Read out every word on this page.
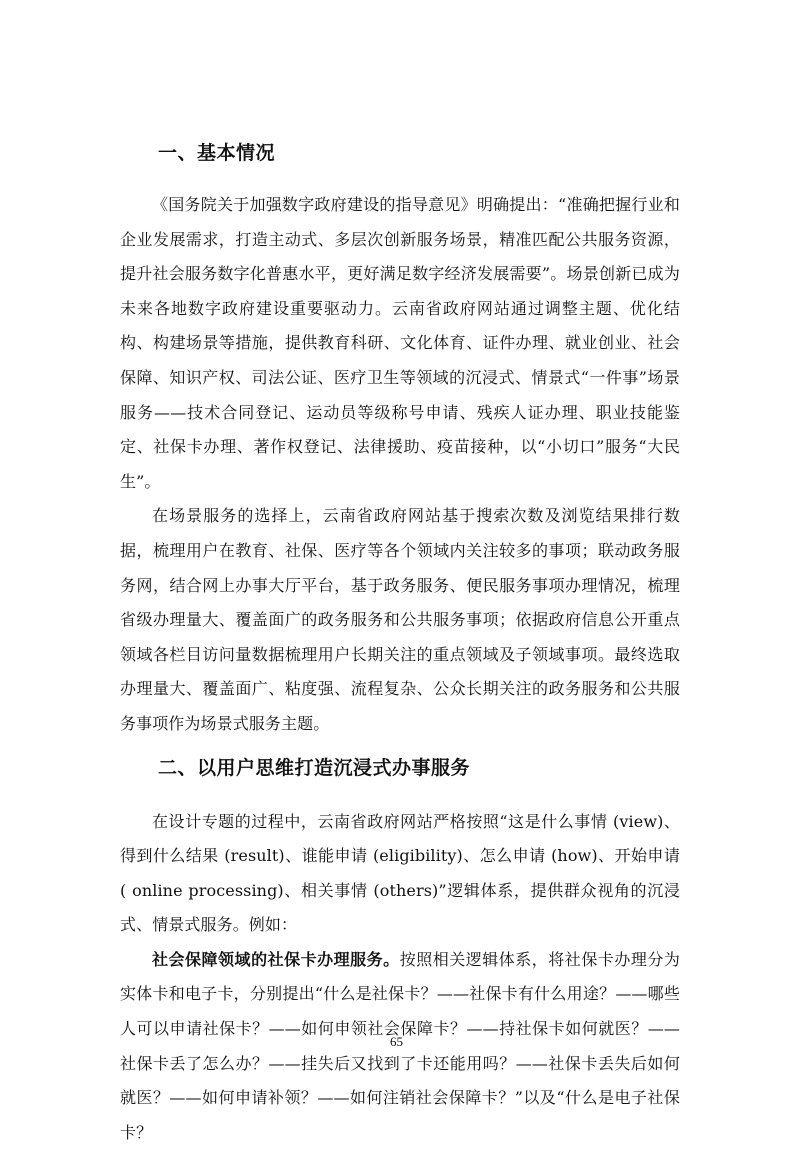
一、基本情况

《国务院关于加强数字政府建设的指导意见》明确提出：“准确把握行业和企业发展需求，打造主动式、多层次创新服务场景，精准匹配公共服务资源，提升社会服务数字化普惠水平，更好满足数字经济发展需要”。场景创新已成为未来各地数字政府建设重要驱动力。云南省政府网站通过调整主题、优化结构、构建场景等措施，提供教育科研、文化体育、证件办理、就业创业、社会保障、知识产权、司法公证、医疗卫生等领域的沉浸式、情景式“一件事”场景服务——技术合同登记、运动员等级称号申请、残疾人证办理、职业技能鉴定、社保卡办理、著作权登记、法律援助、疫苗接种，以“小切口”服务“大民生”。

在场景服务的选择上，云南省政府网站基于搜索次数及浏览结果排行数据，梳理用户在教育、社保、医疗等各个领域内关注较多的事项；联动政务服务网，结合网上办事大厅平台，基于政务服务、便民服务事项办理情况，梳理省级办理量大、覆盖面广的政务服务和公共服务事项；依据政府信息公开重点领域各栏目访问量数据梳理用户长期关注的重点领域及子领域事项。最终选取办理量大、覆盖面广、粘度强、流程复杂、公众长期关注的政务服务和公共服务事项作为场景式服务主题。

二、以用户思维打造沉浸式办事服务

在设计专题的过程中，云南省政府网站严格按照“这是什么事情 (view)、得到什么结果 (result)、谁能申请 (eligibility)、怎么申请 (how)、开始申请 ( online processing)、相关事情 (others)”逻辑体系，提供群众视角的沉浸式、情景式服务。例如：

社会保障领域的社保卡办理服务。按照相关逻辑体系，将社保卡办理分为实体卡和电子卡，分别提出“什么是社保卡？——社保卡有什么用途？——哪些人可以申请社保卡？——如何申领社会保障卡？——持社保卡如何就医？——社保卡丢了怎么办？——挂失后又找到了卡还能用吗？——社保卡丢失后如何就医？——如何申请补领？——如何注销社会保障卡？”以及“什么是电子社保卡？

65
